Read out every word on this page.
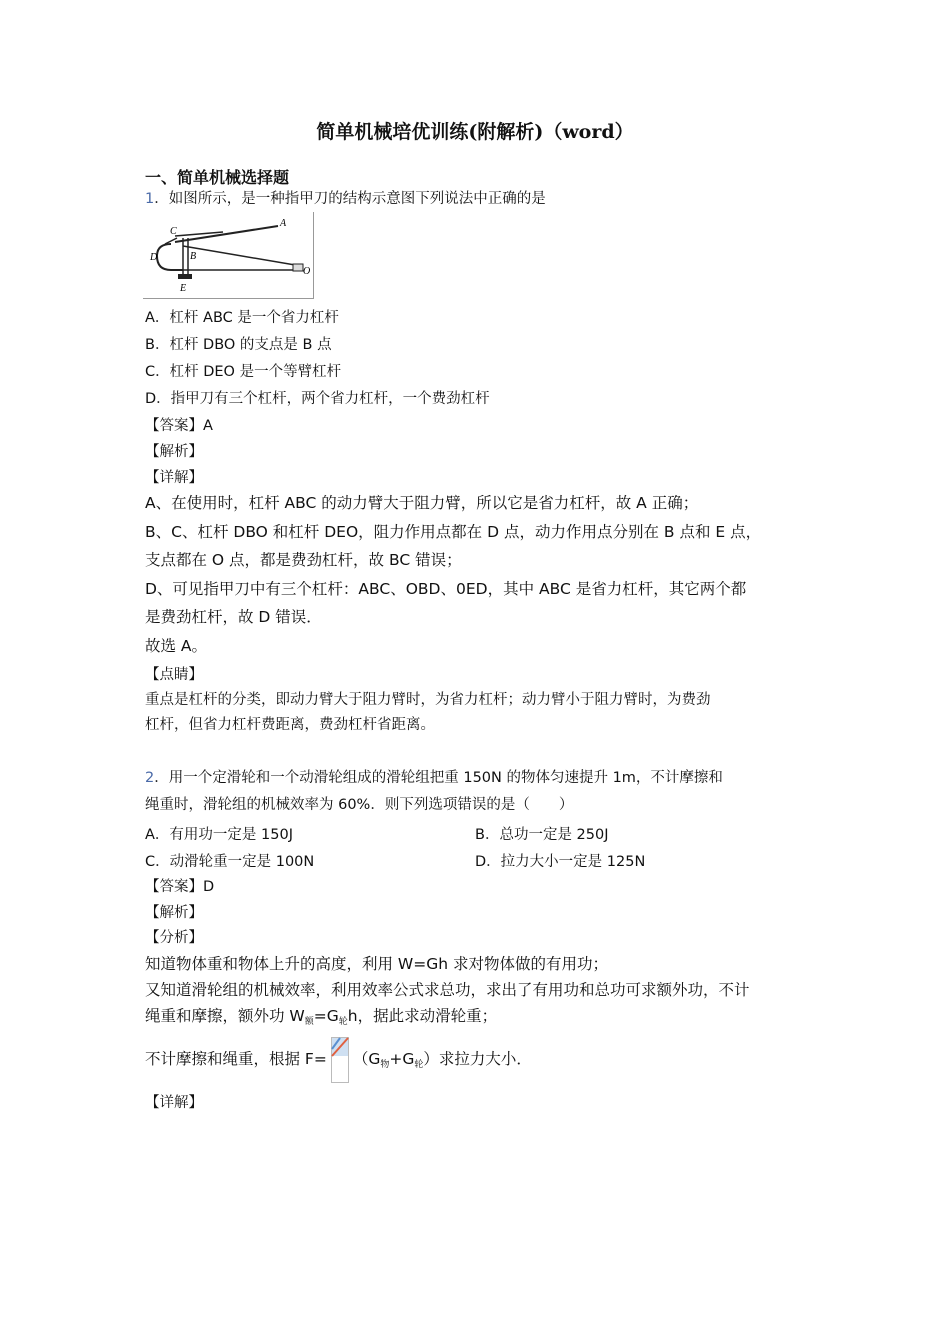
简单机械培优训练(附解析)（word）
一、简单机械选择题
1．如图所示，是一种指甲刀的结构示意图下列说法中正确的是
A
B
C
D
E
O
A．杠杆 ABC 是一个省力杠杆
B．杠杆 DBO 的支点是 B 点
C．杠杆 DEO 是一个等臂杠杆
D．指甲刀有三个杠杆，两个省力杠杆，一个费劲杠杆
【答案】A
【解析】
【详解】
A、在使用时，杠杆 ABC 的动力臂大于阻力臂，所以它是省力杠杆，故 A 正确；
B、C、杠杆 DBO 和杠杆 DEO，阻力作用点都在 D 点，动力作用点分别在 B 点和 E 点，
支点都在 O 点，都是费劲杠杆，故 BC 错误；
D、可见指甲刀中有三个杠杆：ABC、OBD、0ED，其中 ABC 是省力杠杆，其它两个都
是费劲杠杆，故 D 错误．
故选 A。
【点睛】
重点是杠杆的分类，即动力臂大于阻力臂时，为省力杠杆；动力臂小于阻力臂时，为费劲
杠杆，但省力杠杆费距离，费劲杠杆省距离。
2．用一个定滑轮和一个动滑轮组成的滑轮组把重 150N 的物体匀速提升 1m，不计摩擦和
绳重时，滑轮组的机械效率为 60%．则下列选项错误的是（　　）
A．有用功一定是 150J	B．总功一定是 250J
C．动滑轮重一定是 100N	D．拉力大小一定是 125N
【答案】D
【解析】
【分析】
知道物体重和物体上升的高度，利用 W=Gh 求对物体做的有用功；
又知道滑轮组的机械效率，利用效率公式求总功，求出了有用功和总功可求额外功，不计
绳重和摩擦，额外功 $W_额=G_轮h$，据此求动滑轮重；
不计摩擦和绳重，根据 $F= (G_物+G_轮)$求拉力大小．
【详解】
